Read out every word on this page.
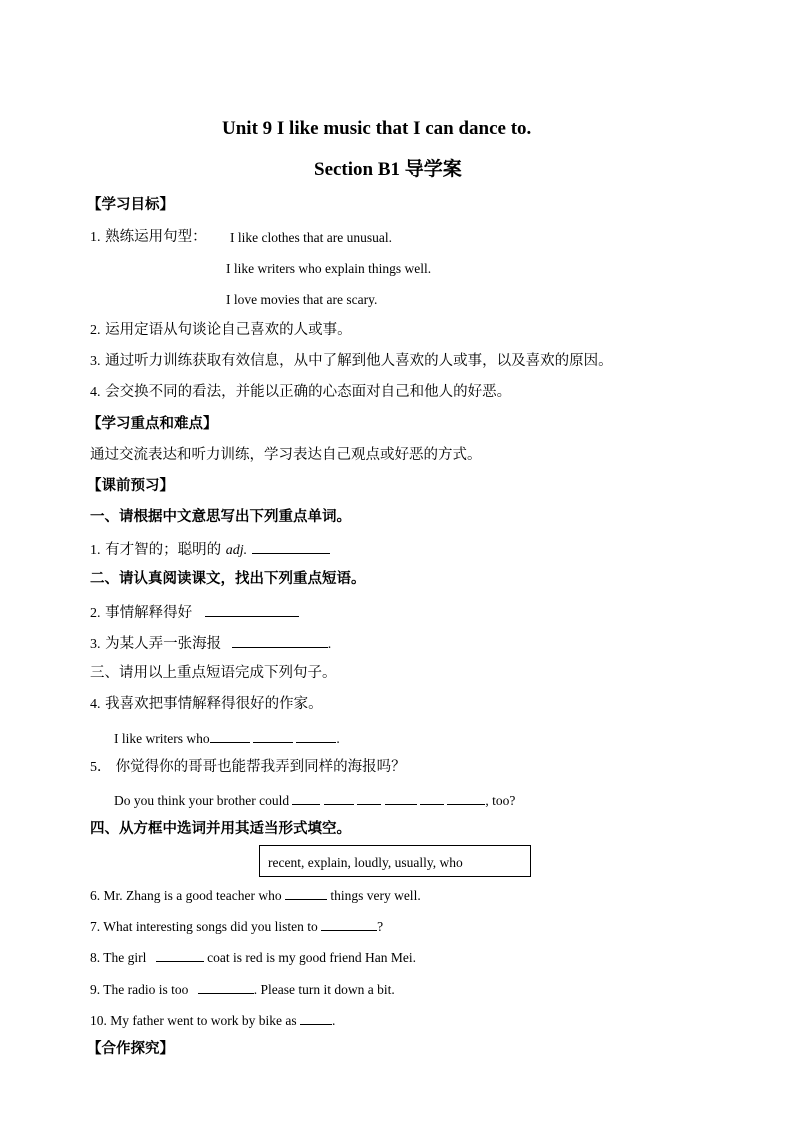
Unit 9 I like music that I can dance to.
Section B1 导学案
【学习目标】
1. 熟练运用句型： I like clothes that are unusual.
I like writers who explain things well.
I love movies that are scary.
2. 运用定语从句谈论自己喜欢的人或事。
3. 通过听力训练获取有效信息，从中了解到他人喜欢的人或事，以及喜欢的原因。
4. 会交换不同的看法，并能以正确的心态面对自己和他人的好恶。
【学习重点和难点】
通过交流表达和听力训练，学习表达自己观点或好恶的方式。
【课前预习】
一、请根据中文意思写出下列重点单词。
1. 有才智的；聪明的 adj.
二、请认真阅读课文，找出下列重点短语。
2. 事情解释得好
3. 为某人弄一张海报	.
三、请用以上重点短语完成下列句子。
4. 我喜欢把事情解释得很好的作家。
I like writers who	.
5． 你觉得你的哥哥也能帮我弄到同样的海报吗？
Do you think your brother could	, too?
四、从方框中选词并用其适当形式填空。
recent, explain, loudly, usually, who
6. Mr. Zhang is a good teacher who	things very well.
7. What interesting songs did you listen to	?
8. The girl	coat is red is my good friend Han Mei.
9. The radio is too	. Please turn it down a bit.
10. My father went to work by bike as	.
【合作探究】
